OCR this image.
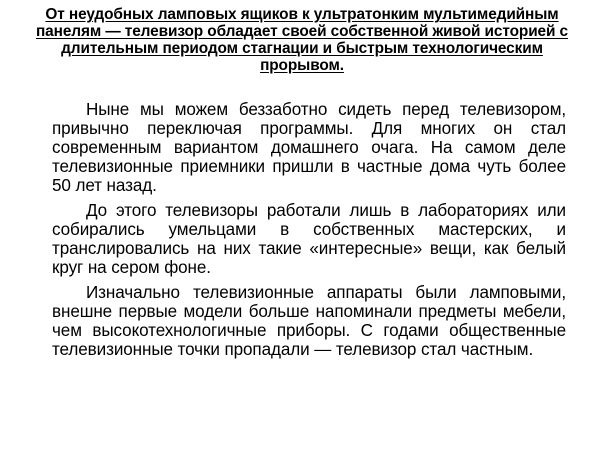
От неудобных ламповых ящиков к ультратонким мультимедийным панелям — телевизор обладает своей собственной живой историей с длительным периодом стагнации и быстрым технологическим прорывом.

Ныне мы можем беззаботно сидеть перед телевизором, привычно переключая программы. Для многих он стал современным вариантом домашнего очага. На самом деле телевизионные приемники пришли в частные дома чуть более 50 лет назад.

До этого телевизоры работали лишь в лабораториях или собирались умельцами в собственных мастерских, и транслировались на них такие «интересные» вещи, как белый круг на сером фоне.

Изначально телевизионные аппараты были ламповыми, внешне первые модели больше напоминали предметы мебели, чем высокотехнологичные приборы. С годами общественные телевизионные точки пропадали — телевизор стал частным.
